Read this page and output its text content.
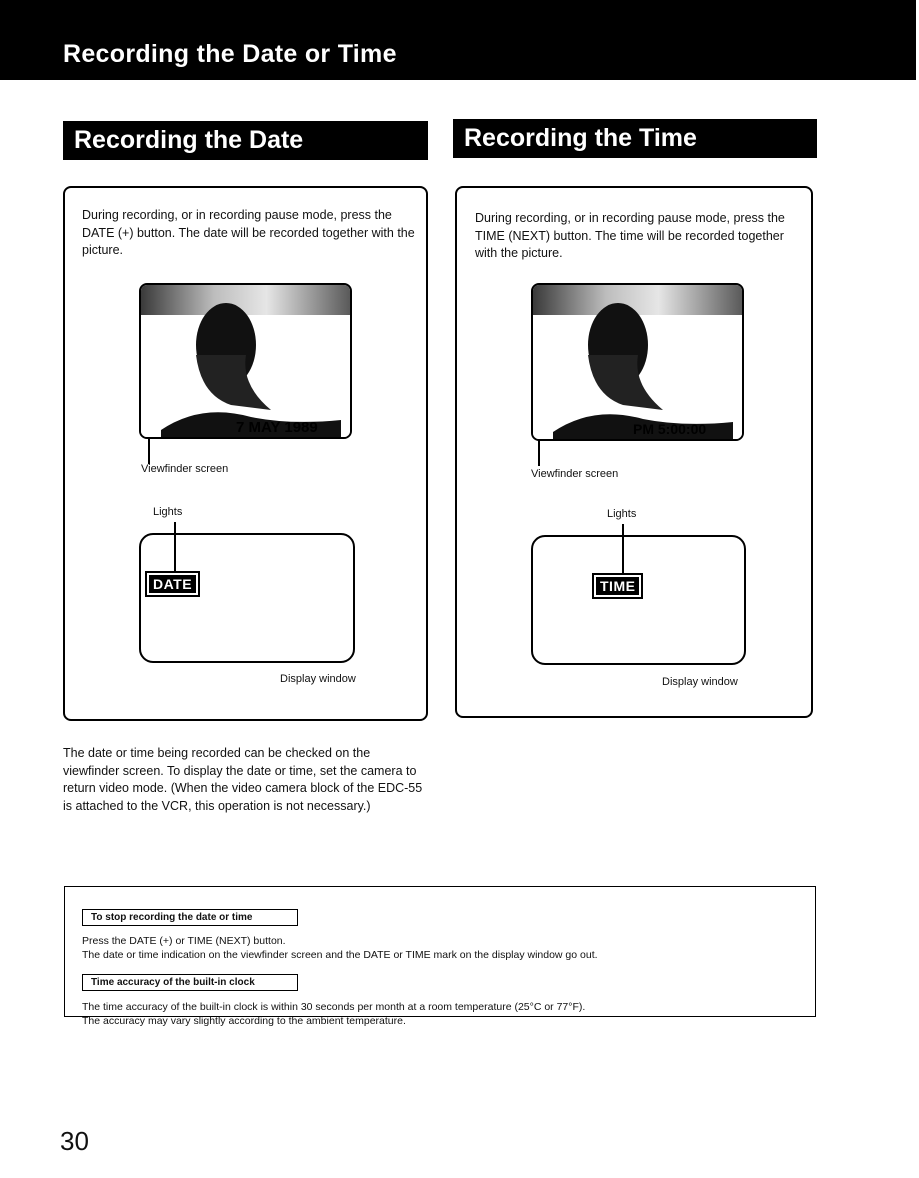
Recording the Date or Time
Recording the Date	Recording the Time
During recording, or in recording pause mode, press the DATE (+) button. The date will be recorded together with the picture.
7 MAY 1989
Viewfinder screen
Lights
DATE
Display window
During recording, or in recording pause mode, press the TIME (NEXT) button. The time will be recorded together with the picture.
PM 5:00:00
Viewfinder screen
Lights
TIME
Display window
The date or time being recorded can be checked on the viewfinder screen. To display the date or time, set the camera to return video mode. (When the video camera block of the EDC-55 is attached to the VCR, this operation is not necessary.)
To stop recording the date or time
Press the DATE (+) or TIME (NEXT) button.
The date or time indication on the viewfinder screen and the DATE or TIME mark on the display window go out.
Time accuracy of the built-in clock
The time accuracy of the built-in clock is within 30 seconds per month at a room temperature (25°C or 77°F).
The accuracy may vary slightly according to the ambient temperature.
30
